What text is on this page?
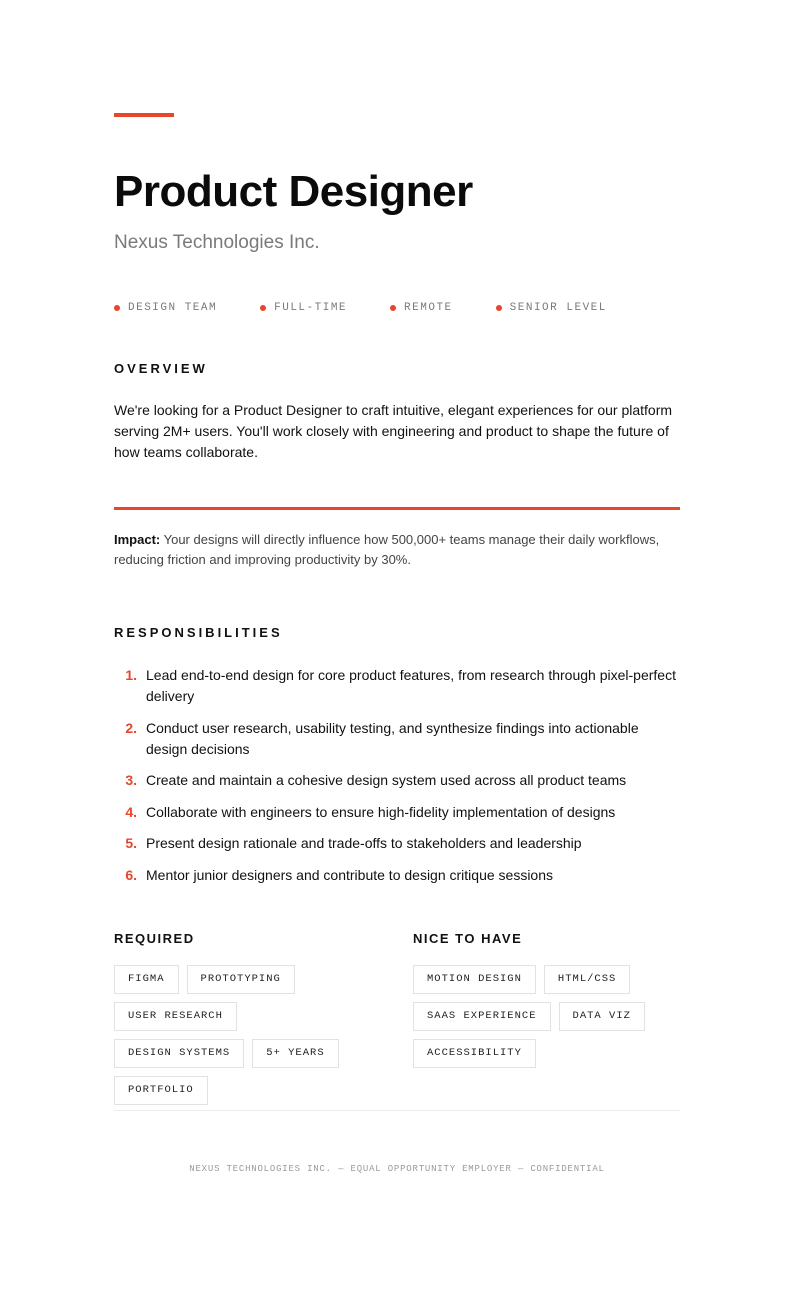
Product Designer
Nexus Technologies Inc.
DESIGN TEAM	FULL-TIME	REMOTE	SENIOR LEVEL
OVERVIEW

We're looking for a Product Designer to craft intuitive, elegant experiences for our platform serving 2M+ users. You'll work closely with engineering and product to shape the future of how teams collaborate.

Impact: Your designs will directly influence how 500,000+ teams manage their daily workflows, reducing friction and improving productivity by 30%.

RESPONSIBILITIES
1. Lead end-to-end design for core product features, from research through pixel-perfect delivery
2. Conduct user research, usability testing, and synthesize findings into actionable design decisions
3. Create and maintain a cohesive design system used across all product teams
4. Collaborate with engineers to ensure high-fidelity implementation of designs
5. Present design rationale and trade-offs to stakeholders and leadership
6. Mentor junior designers and contribute to design critique sessions
REQUIRED
FIGMA	PROTOTYPING
USER RESEARCH
DESIGN SYSTEMS	5+ YEARS
PORTFOLIO
NICE TO HAVE
MOTION DESIGN	HTML/CSS
SAAS EXPERIENCE	DATA VIZ
ACCESSIBILITY
NEXUS TECHNOLOGIES INC. — EQUAL OPPORTUNITY EMPLOYER — CONFIDENTIAL
